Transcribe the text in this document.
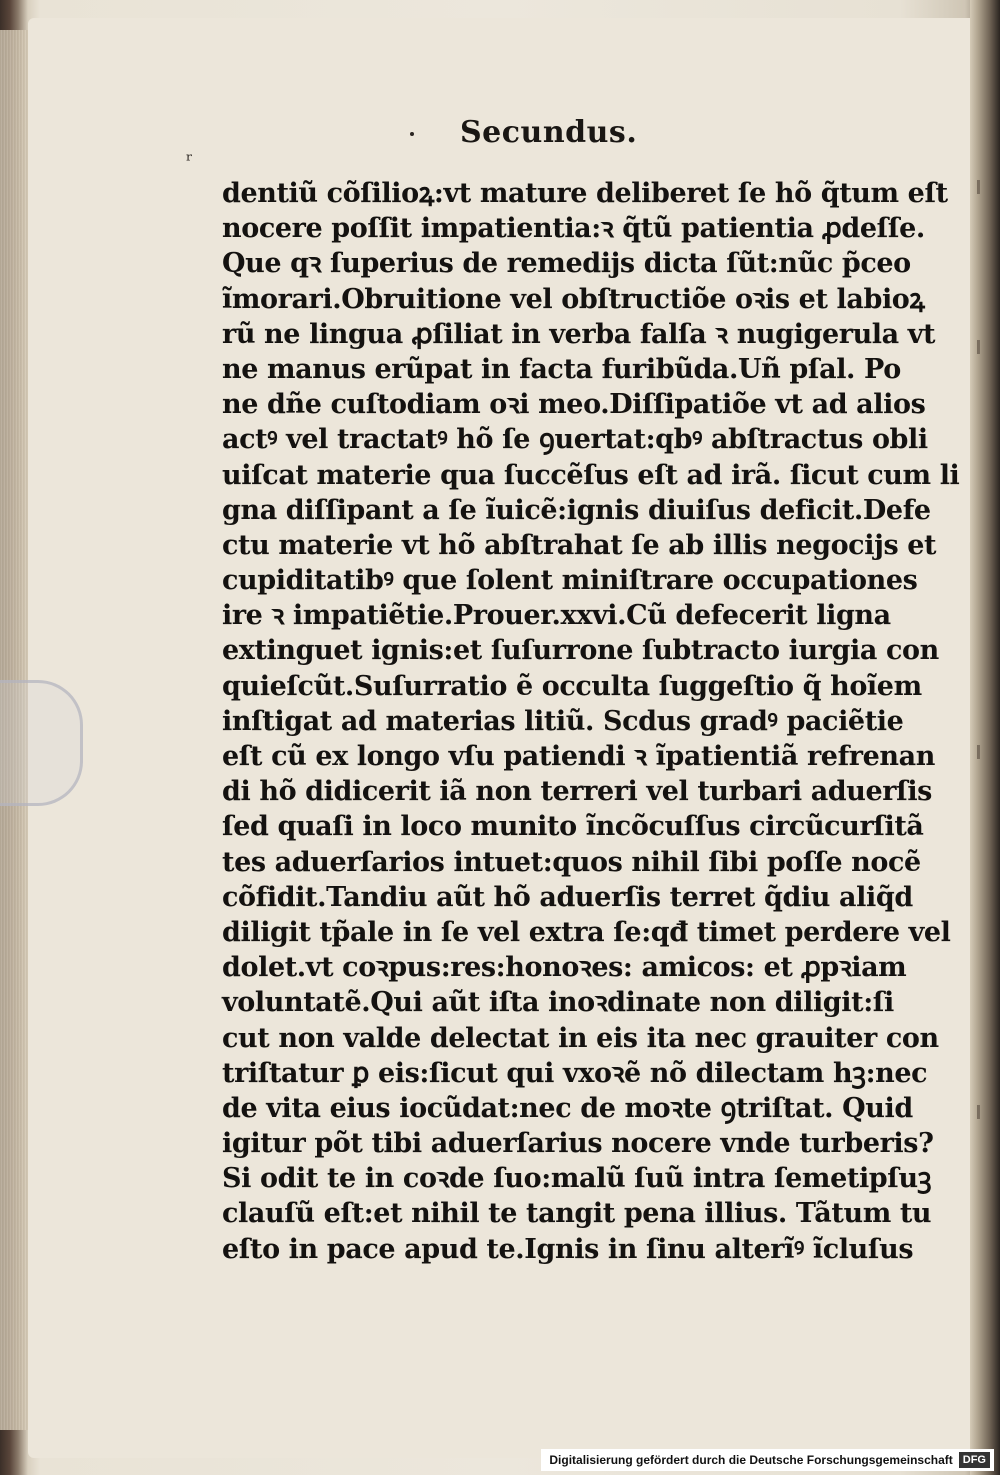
ʳ
Secundus.
dentiũ cõſilioꝝ:vt mature deliberet ſe hõ q̃tum eſt
nocere poſſit impatientia:ꝛ q̃tũ patientia ꝓdeſſe.
Que qꝛ ſuperius de remedijs dicta ſũt:nũc p̃ceo
ĩmorari.Obruitione vel obſtructiõe oꝛis et labioꝝ
rũ ne lingua ꝓſiliat in verba falſa ꝛ nugigerula vt
ne manus erũpat in facta furibũda.Uñ pſal. Po
ne dñe cuſtodiam oꝛi meo.Diſſipatiõe vt ad alios
actꝰ vel tractatꝰ hõ ſe ꝯuertat:qbꝰ abſtractus obli
uiſcat materie qua ſuccẽſus eſt ad irã. ſicut cum li
gna diſſipant a ſe ĩuicẽ:ignis diuiſus deficit.Defe
ctu materie vt hõ abſtrahat ſe ab illis negocijs et
cupiditatibꝰ que ſolent miniſtrare occupationes
ire ꝛ impatiẽtie.Prouer.xxvi.Cũ defecerit ligna
extinguet ignis:et ſuſurrone ſubtracto iurgia con
quieſcũt.Suſurratio ẽ occulta ſuggeſtio q̃ hoĩem
inſtigat ad materias litiũ. Scdus gradꝰ paciẽtie
eſt cũ ex longo vſu patiendi ꝛ ĩpatientiã refrenan
di hõ didicerit iã non terreri vel turbari aduerſis
ſed quaſi in loco munito ĩncõcuſſus circũcurſitã
tes aduerſarios intuet:quos nihil ſibi poſſe nocẽ
cõfidit.Tandiu aũt hõ aduerſis terret q̃diu aliq̃d
diligit tp̃ale in ſe vel extra ſe:qđ timet perdere vel
dolet.vt coꝛpus:res:honoꝛes: amicos: et ꝓpꝛiam
voluntatẽ.Qui aũt iſta inoꝛdinate non diligit:ſi
cut non valde delectat in eis ita nec grauiter con
triſtatur ꝑ eis:ſicut qui vxoꝛẽ nõ dilectam hꝫ:nec
de vita eius iocũdat:nec de moꝛte ꝯtriſtat. Quid
igitur põt tibi aduerſarius nocere vnde turberis?
Si odit te in coꝛde ſuo:malũ ſuũ intra ſemetipſuꝫ
clauſũ eſt:et nihil te tangit pena illius. Tãtum tu
eſto in pace apud te.Ignis in ſinu alterĩꝰ ĩcluſus
Digitalisierung gefördert durch die Deutsche Forschungsgemeinschaft DFG
